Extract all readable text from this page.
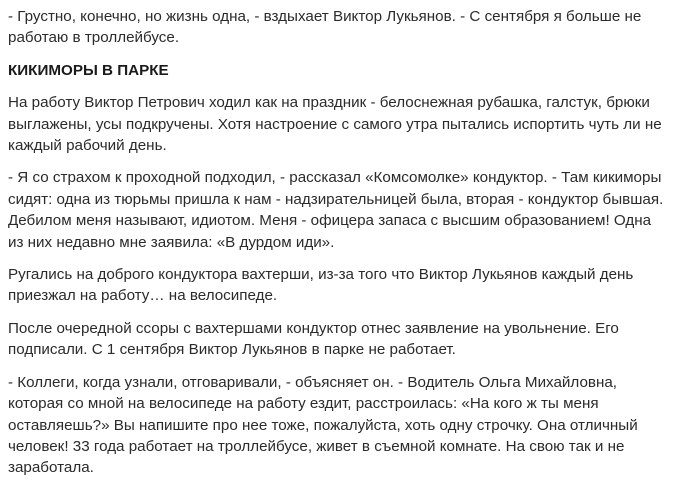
- Грустно, конечно, но жизнь одна, - вздыхает Виктор Лукьянов. - С сентября я больше не работаю в троллейбусе.

КИКИМОРЫ В ПАРКЕ

На работу Виктор Петрович ходил как на праздник - белоснежная рубашка, галстук, брюки выглажены, усы подкручены. Хотя настроение с самого утра пытались испортить чуть ли не каждый рабочий день.

- Я со страхом к проходной подходил, - рассказал «Комсомолке» кондуктор. - Там кикиморы сидят: одна из тюрьмы пришла к нам - надзирательницей была, вторая - кондуктор бывшая. Дебилом меня называют, идиотом. Меня - офицера запаса с высшим образованием! Одна из них недавно мне заявила: «В дурдом иди».

Ругались на доброго кондуктора вахтерши, из-за того что Виктор Лукьянов каждый день приезжал на работу… на велосипеде.

После очередной ссоры с вахтершами кондуктор отнес заявление на увольнение. Его подписали. С 1 сентября Виктор Лукьянов в парке не работает.

- Коллеги, когда узнали, отговаривали, - объясняет он. - Водитель Ольга Михайловна, которая со мной на велосипеде на работу ездит, расстроилась: «На кого ж ты меня оставляешь?» Вы напишите про нее тоже, пожалуйста, хоть одну строчку. Она отличный человек! 33 года работает на троллейбусе, живет в съемной комнате. На свою так и не заработала.
